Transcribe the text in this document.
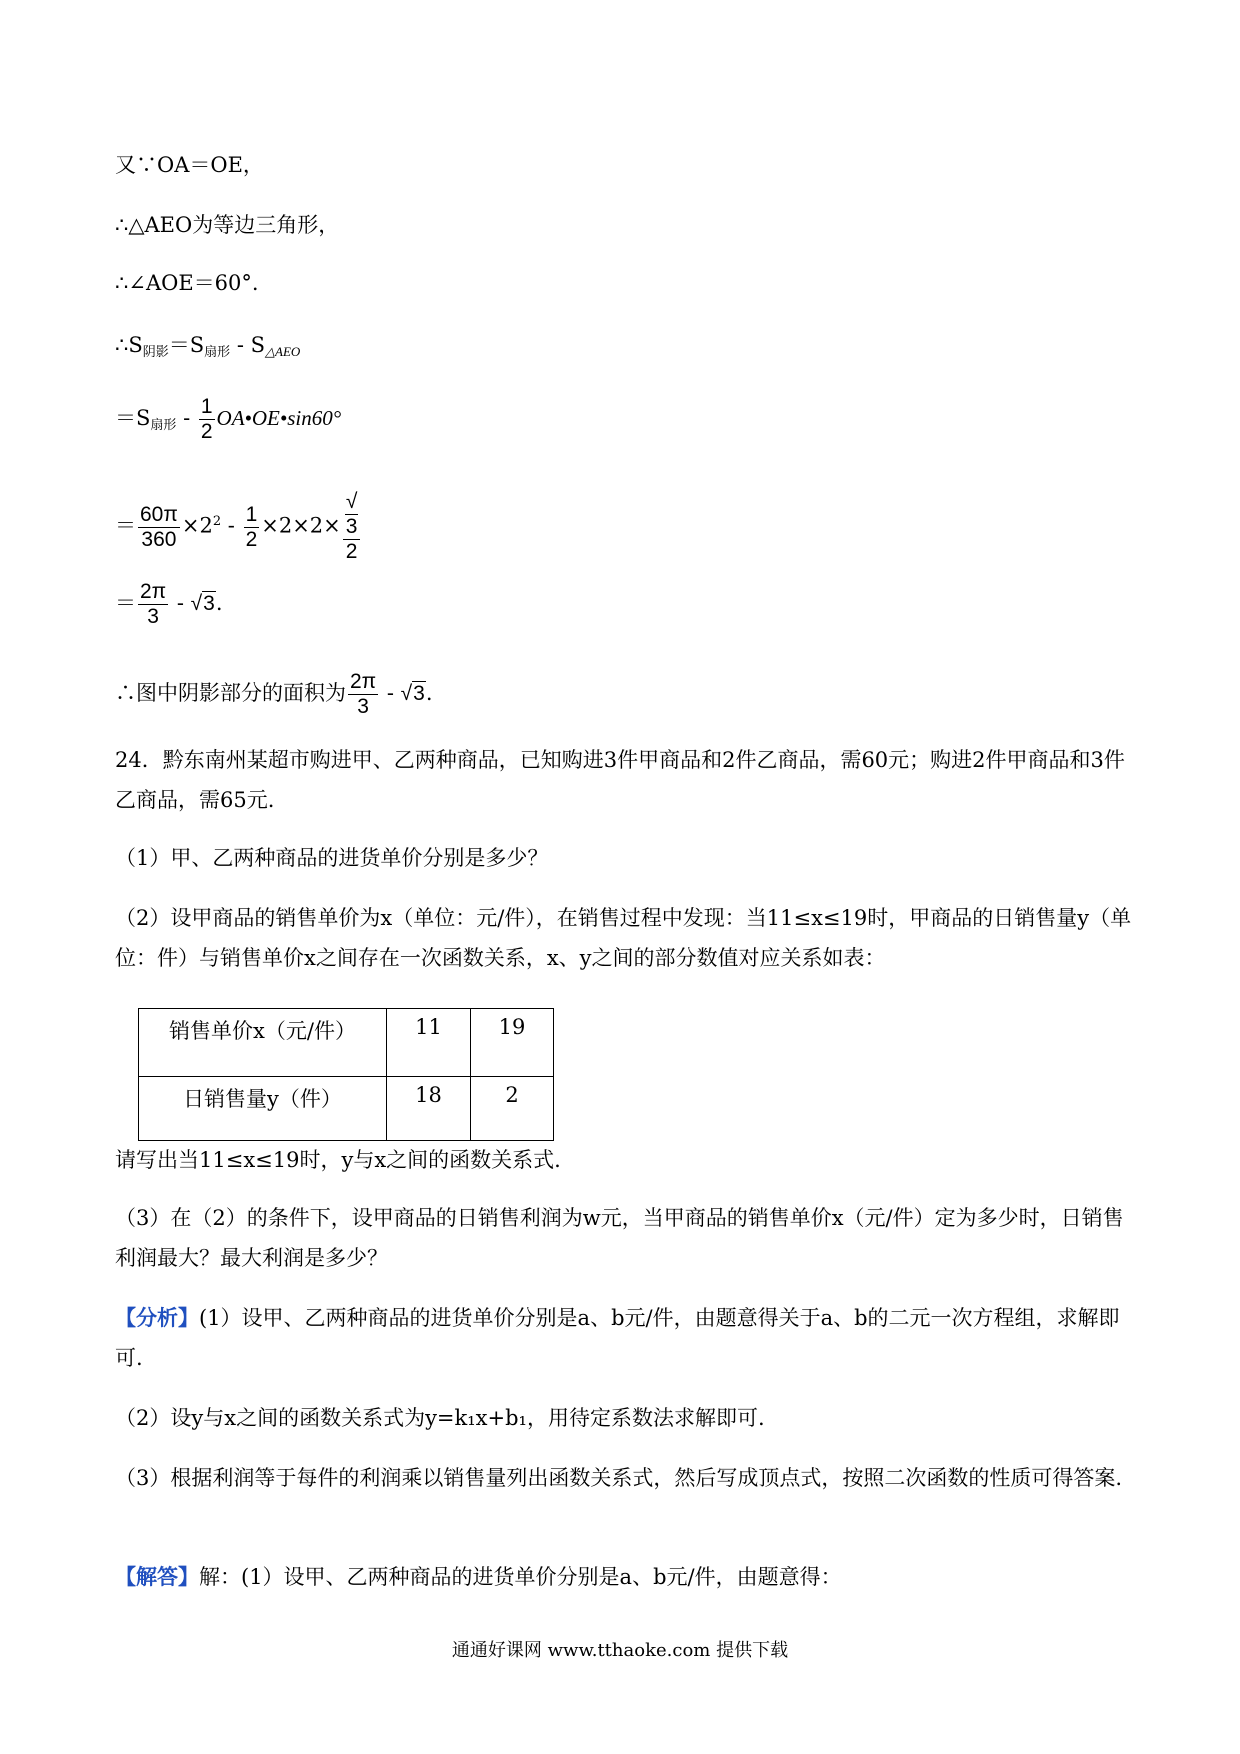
又∵OA＝OE，
∴△AEO为等边三角形，
∴∠AOE＝60°.
∴S阴影＝S扇形 - S△AEO
＝S扇形 - $\frac{1}{2}$ OA•OE•sin60°
＝ $\frac{60\pi}{360} \times 2^2 - \frac{1}{2} \times 2\times 2\times$ √
3
2
＝ $\frac{2\pi}{3} - √3$.
∴图中阴影部分的面积为 $\frac{2\pi}{3} - √3$.
24．黔东南州某超市购进甲、乙两种商品，已知购进3件甲商品和2件乙商品，需60元；购进2件甲商品和3件乙商品，需65元.
（1）甲、乙两种商品的进货单价分别是多少？
（2）设甲商品的销售单价为x（单位：元/件），在销售过程中发现：当11≤x≤19时，甲商品的日销售量y（单位：件）与销售单价x之间存在一次函数关系，x、y之间的部分数值对应关系如表：
销售单价x（元/件）	11	19
日销售量y（件）	18	2
请写出当11≤x≤19时，y与x之间的函数关系式.
（3）在（2）的条件下，设甲商品的日销售利润为w元，当甲商品的销售单价x（元/件）定为多少时，日销售利润最大？最大利润是多少？
【分析】(1）设甲、乙两种商品的进货单价分别是a、b元/件，由题意得关于a、b的二元一次方程组，求解即可.
（2）设y与x之间的函数关系式为y=k₁x+b₁，用待定系数法求解即可.
（3）根据利润等于每件的利润乘以销售量列出函数关系式，然后写成顶点式，按照二次函数的性质可得答案.
【解答】解：(1）设甲、乙两种商品的进货单价分别是a、b元/件，由题意得：
通通好课网 www.tthaoke.com 提供下载
